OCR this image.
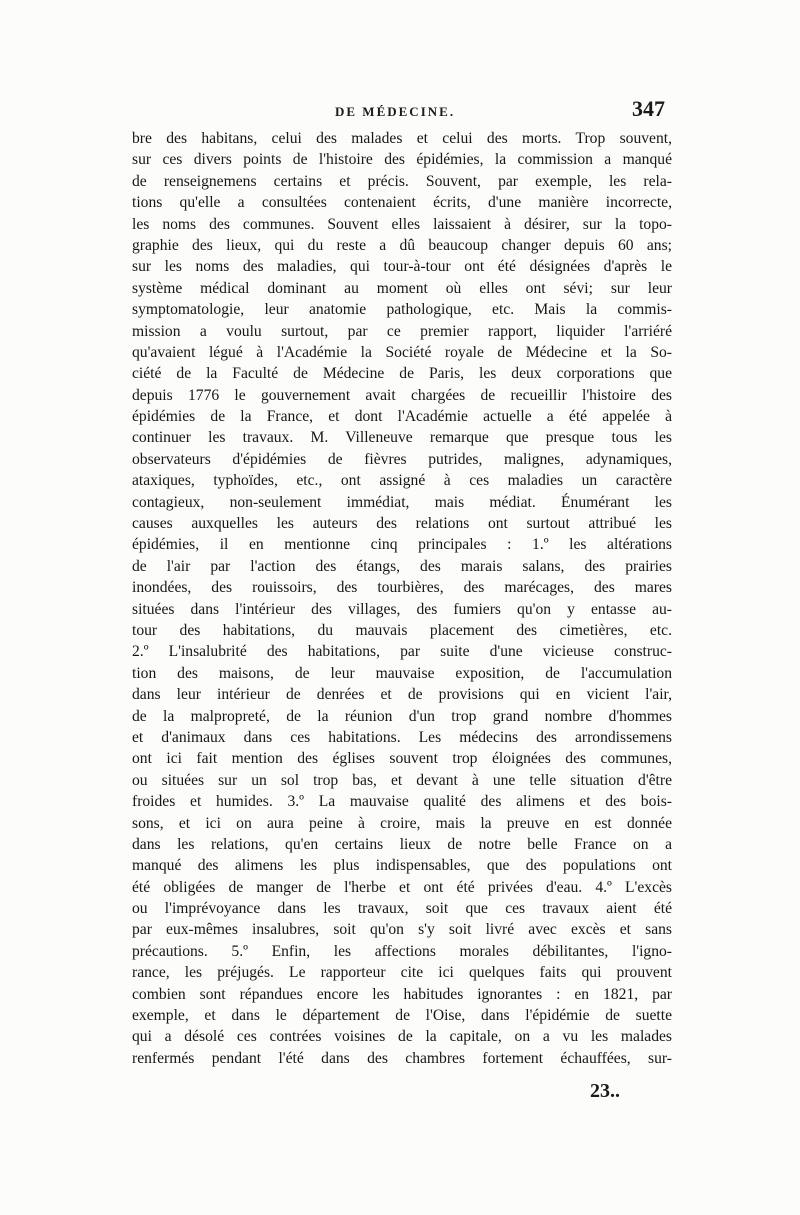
DE MÉDECINE.	347
bre des habitans, celui des malades et celui des morts. Trop souvent,
sur ces divers points de l'histoire des épidémies, la commission a manqué
de renseignemens certains et précis. Souvent, par exemple, les rela-
tions qu'elle a consultées contenaient écrits, d'une manière incorrecte,
les noms des communes. Souvent elles laissaient à désirer, sur la topo-
graphie des lieux, qui du reste a dû beaucoup changer depuis 60 ans;
sur les noms des maladies, qui tour-à-tour ont été désignées d'après le
système médical dominant au moment où elles ont sévi; sur leur
symptomatologie, leur anatomie pathologique, etc. Mais la commis-
mission a voulu surtout, par ce premier rapport, liquider l'arriéré
qu'avaient légué à l'Académie la Société royale de Médecine et la So-
ciété de la Faculté de Médecine de Paris, les deux corporations que
depuis 1776 le gouvernement avait chargées de recueillir l'histoire des
épidémies de la France, et dont l'Académie actuelle a été appelée à
continuer les travaux. M. Villeneuve remarque que presque tous les
observateurs d'épidémies de fièvres putrides, malignes, adynamiques,
ataxiques, typhoïdes, etc., ont assigné à ces maladies un caractère
contagieux, non-seulement immédiat, mais médiat. Énumérant les
causes auxquelles les auteurs des relations ont surtout attribué les
épidémies, il en mentionne cinq principales : 1.º les altérations
de l'air par l'action des étangs, des marais salans, des prairies
inondées, des rouissoirs, des tourbières, des marécages, des mares
situées dans l'intérieur des villages, des fumiers qu'on y entasse au-
tour des habitations, du mauvais placement des cimetières, etc.
2.º L'insalubrité des habitations, par suite d'une vicieuse construc-
tion des maisons, de leur mauvaise exposition, de l'accumulation
dans leur intérieur de denrées et de provisions qui en vicient l'air,
de la malpropreté, de la réunion d'un trop grand nombre d'hommes
et d'animaux dans ces habitations. Les médecins des arrondissemens
ont ici fait mention des églises souvent trop éloignées des communes,
ou situées sur un sol trop bas, et devant à une telle situation d'être
froides et humides. 3.º La mauvaise qualité des alimens et des bois-
sons, et ici on aura peine à croire, mais la preuve en est donnée
dans les relations, qu'en certains lieux de notre belle France on a
manqué des alimens les plus indispensables, que des populations ont
été obligées de manger de l'herbe et ont été privées d'eau. 4.º L'excès
ou l'imprévoyance dans les travaux, soit que ces travaux aient été
par eux-mêmes insalubres, soit qu'on s'y soit livré avec excès et sans
précautions. 5.º Enfin, les affections morales débilitantes, l'igno-
rance, les préjugés. Le rapporteur cite ici quelques faits qui prouvent
combien sont répandues encore les habitudes ignorantes : en 1821, par
exemple, et dans le département de l'Oise, dans l'épidémie de suette
qui a désolé ces contrées voisines de la capitale, on a vu les malades
renfermés pendant l'été dans des chambres fortement échauffées, sur-
23..
